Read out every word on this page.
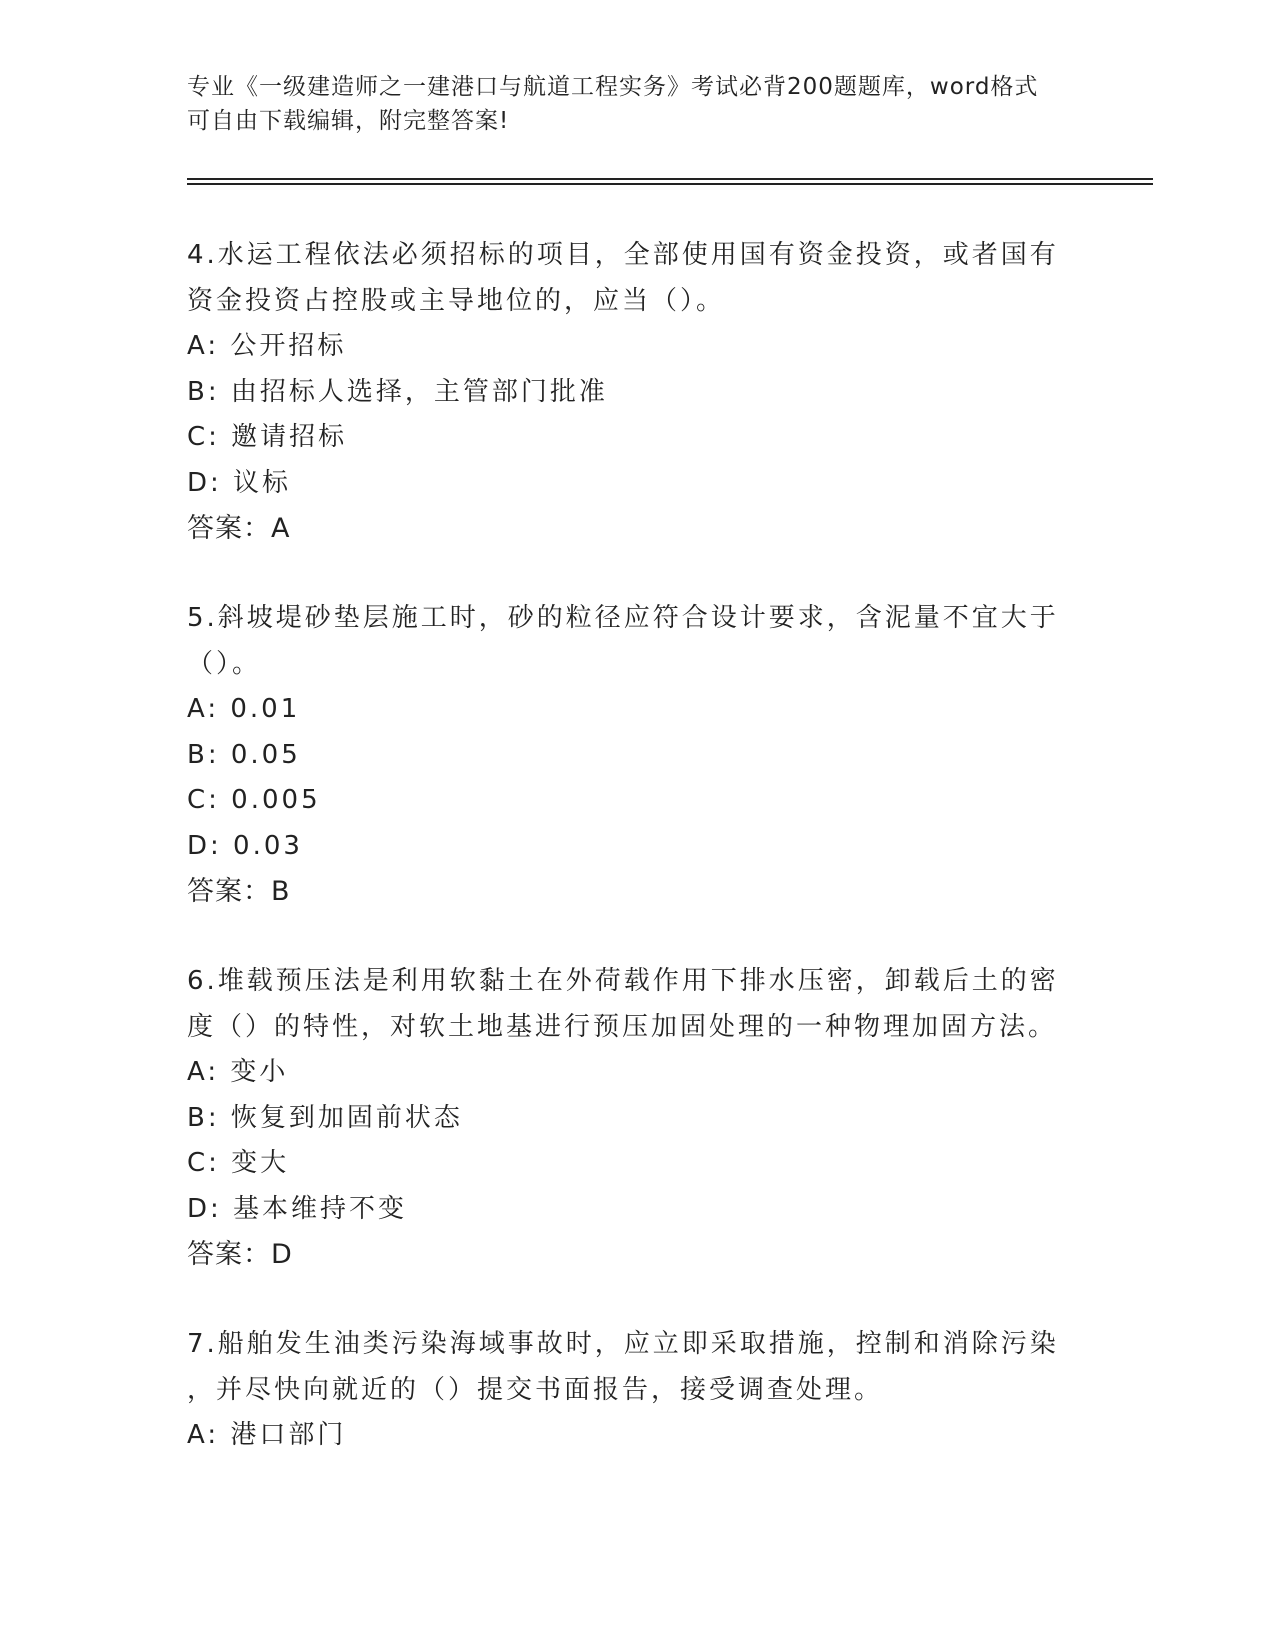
专业《一级建造师之一建港口与航道工程实务》考试必背200题题库，word格式
可自由下载编辑，附完整答案!
4.水运工程依法必须招标的项目，全部使用国有资金投资，或者国有
资金投资占控股或主导地位的，应当（）。
A: 公开招标
B: 由招标人选择，主管部门批准
C: 邀请招标
D: 议标
答案：A
5.斜坡堤砂垫层施工时，砂的粒径应符合设计要求，含泥量不宜大于
（）。
A: 0.01
B: 0.05
C: 0.005
D: 0.03
答案：B
6.堆载预压法是利用软黏土在外荷载作用下排水压密，卸载后土的密
度（）的特性，对软土地基进行预压加固处理的一种物理加固方法。
A: 变小
B: 恢复到加固前状态
C: 变大
D: 基本维持不变
答案：D
7.船舶发生油类污染海域事故时，应立即采取措施，控制和消除污染
，并尽快向就近的（）提交书面报告，接受调查处理。
A: 港口部门
